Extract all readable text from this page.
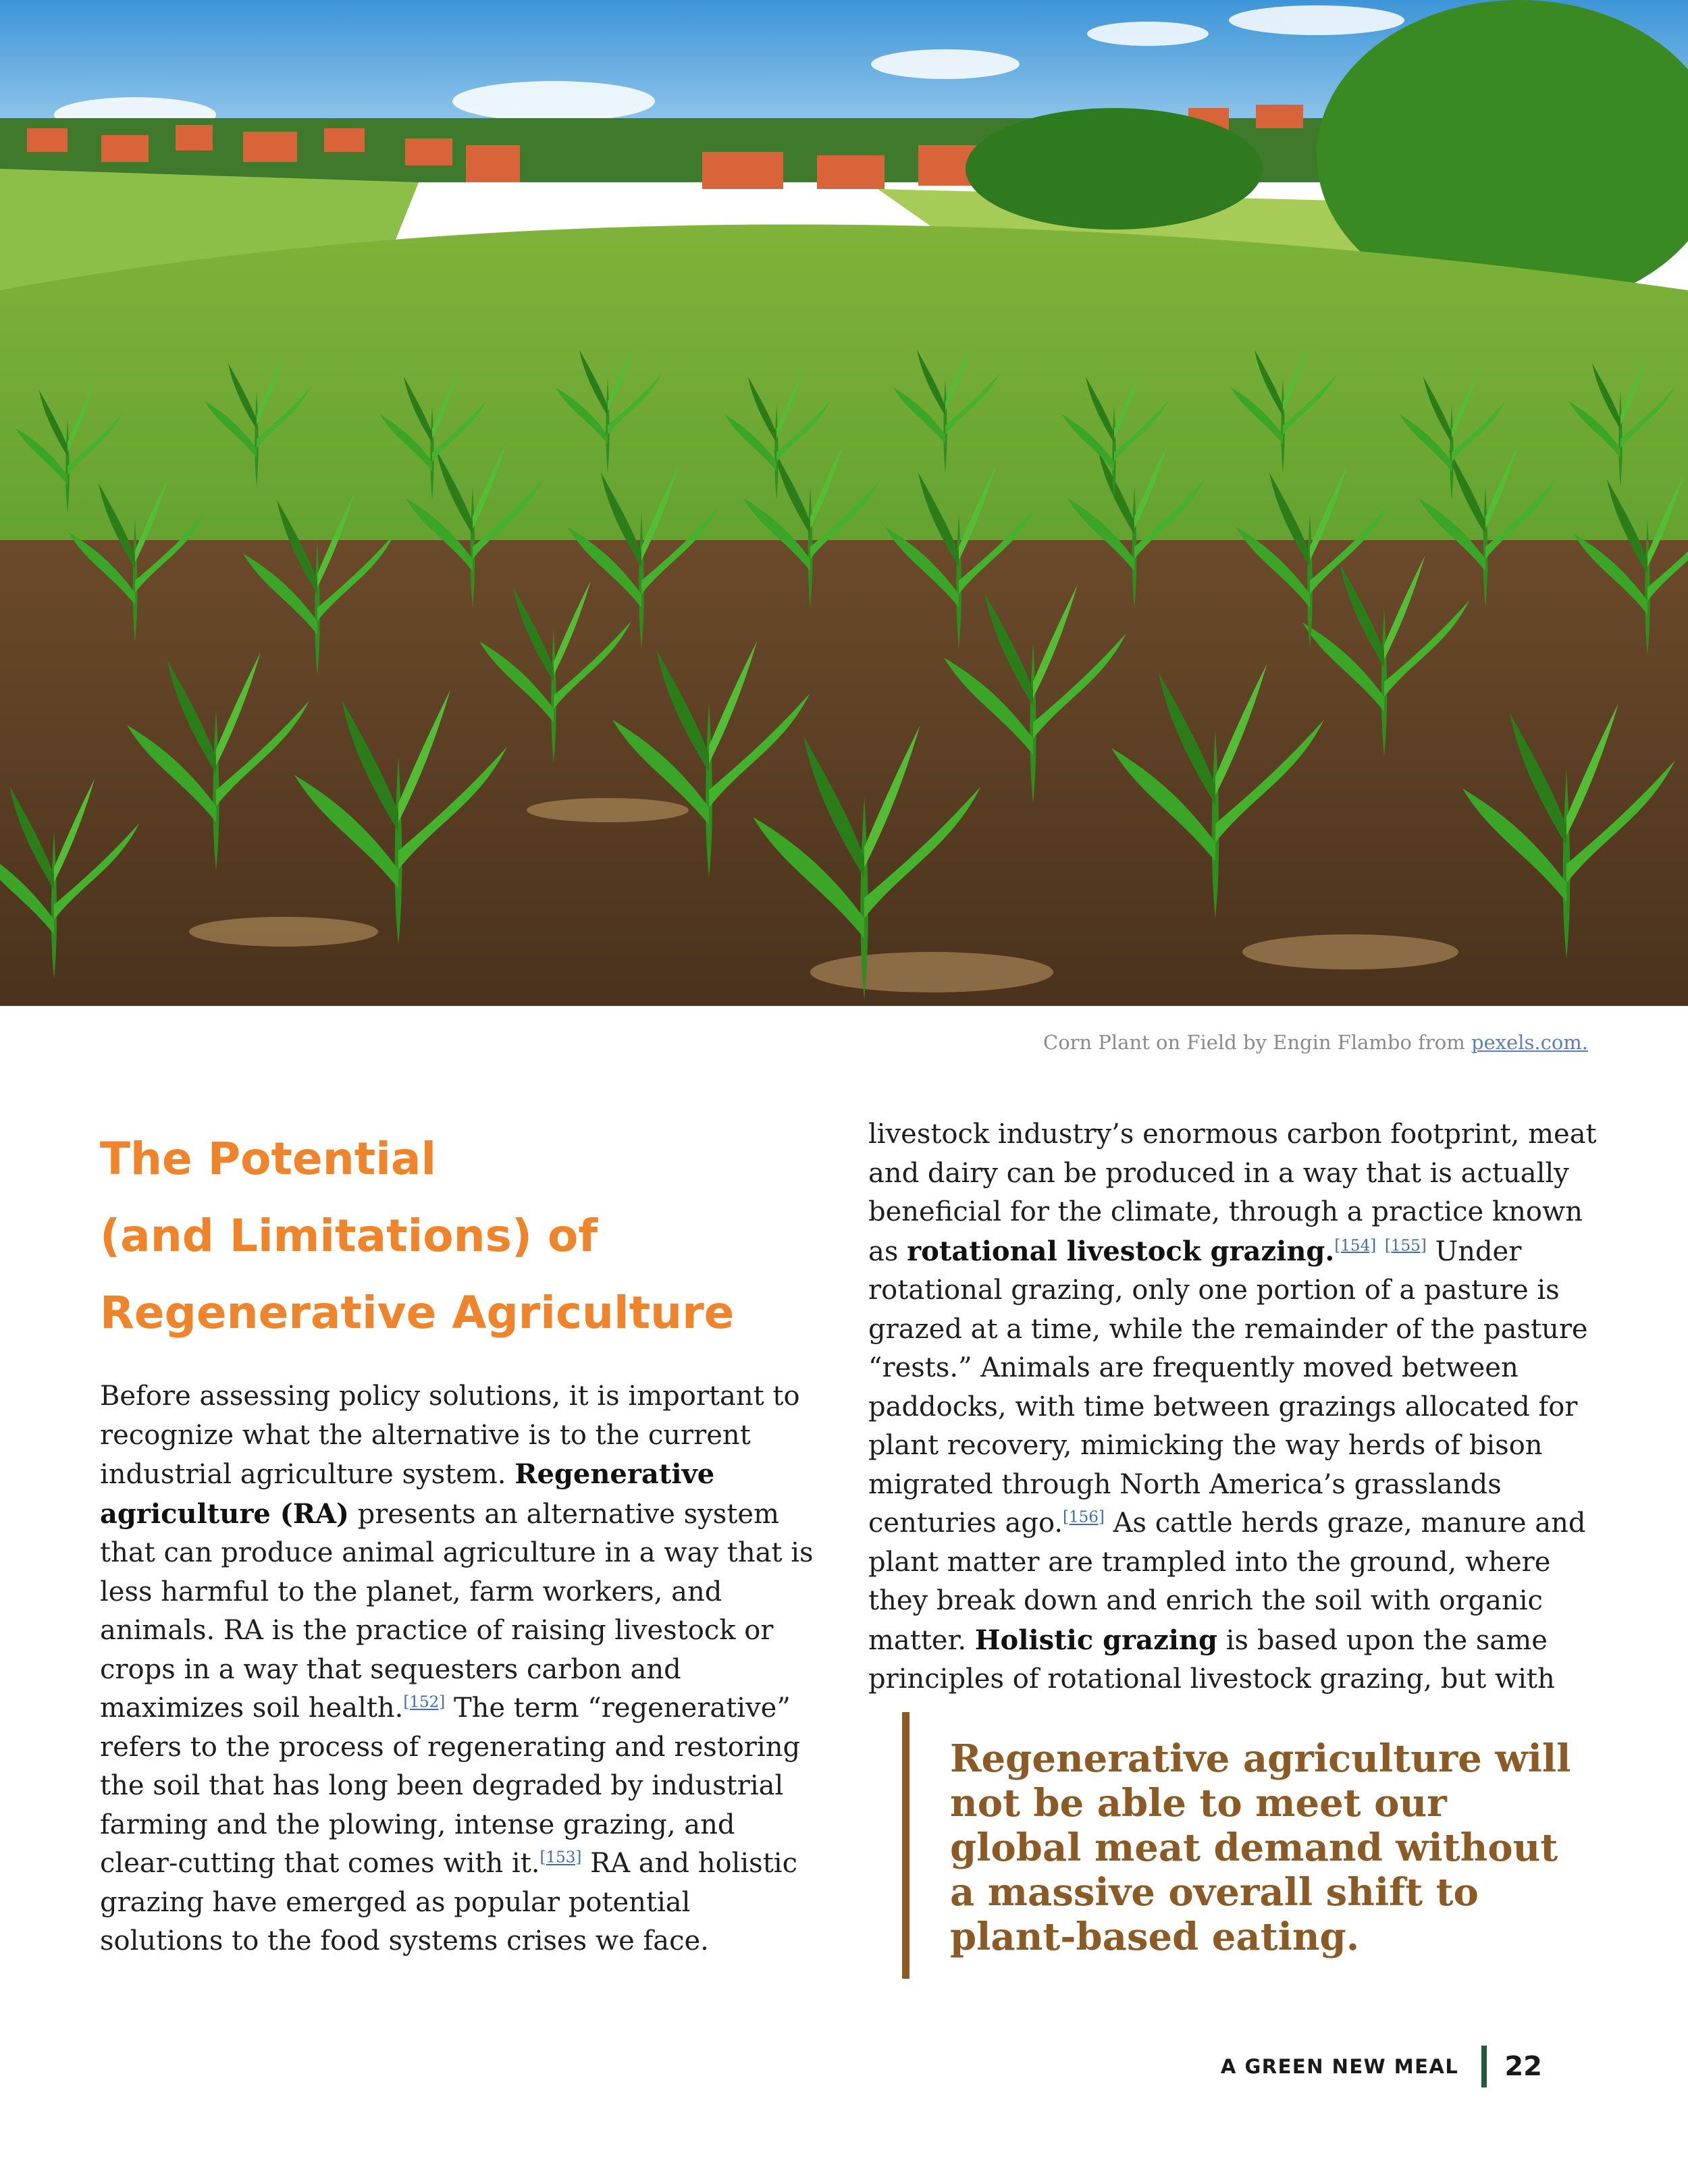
Corn Plant on Field by Engin Flambo from pexels.com.
The Potential
(and Limitations) of
Regenerative Agriculture

Before assessing policy solutions, it is important to recognize what the alternative is to the current industrial agriculture system. Regenerative agriculture (RA) presents an alternative system that can produce animal agriculture in a way that is less harmful to the planet, farm workers, and animals. RA is the practice of raising livestock or crops in a way that sequesters carbon and maximizes soil health.[152] The term “regenerative” refers to the process of regenerating and restoring the soil that has long been degraded by industrial farming and the plowing, intense grazing, and clear-cutting that comes with it.[153] RA and holistic grazing have emerged as popular potential solutions to the food systems crises we face.

livestock industry’s enormous carbon footprint, meat and dairy can be produced in a way that is actually beneficial for the climate, through a practice known as rotational livestock grazing.[154] [155] Under rotational grazing, only one portion of a pasture is grazed at a time, while the remainder of the pasture “rests.” Animals are frequently moved between paddocks, with time between grazings allocated for plant recovery, mimicking the way herds of bison migrated through North America’s grasslands centuries ago.[156] As cattle herds graze, manure and plant matter are trampled into the ground, where they break down and enrich the soil with organic matter. Holistic grazing is based upon the same principles of rotational livestock grazing, but with

Regenerative agriculture will not be able to meet our global meat demand without a massive overall shift to plant-based eating.

A GREEN NEW MEAL 22
